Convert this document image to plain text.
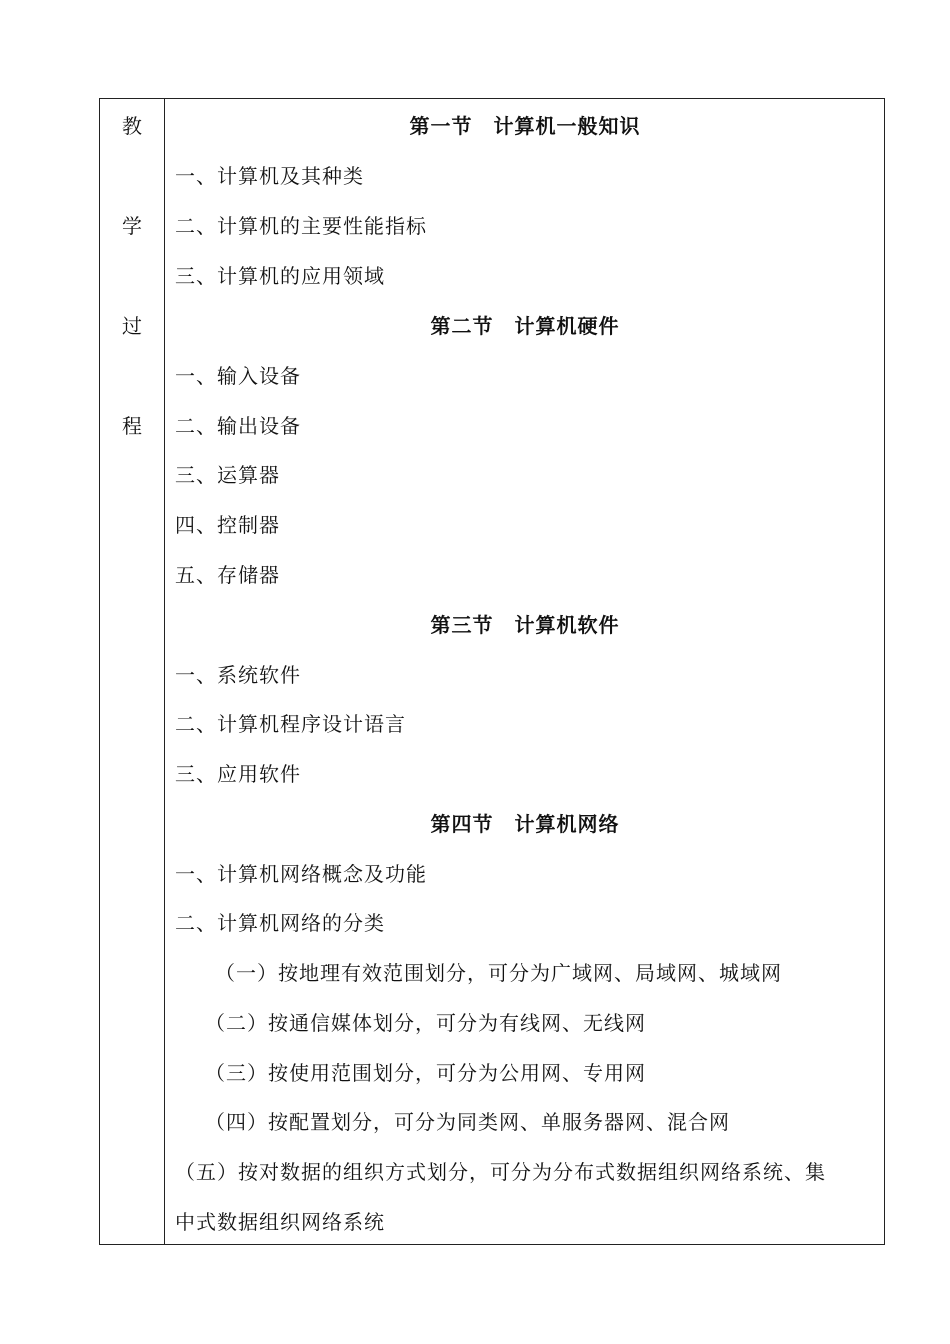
教
学
过
程
第一节　计算机一般知识
一、计算机及其种类
二、计算机的主要性能指标
三、计算机的应用领域
第二节　计算机硬件
一、输入设备
二、输出设备
三、运算器
四、控制器
五、存储器
第三节　计算机软件
一、系统软件
二、计算机程序设计语言
三、应用软件
第四节　计算机网络
一、计算机网络概念及功能
二、计算机网络的分类
（一）按地理有效范围划分，可分为广域网、局域网、城域网
（二）按通信媒体划分，可分为有线网、无线网
（三）按使用范围划分，可分为公用网、专用网
（四）按配置划分，可分为同类网、单服务器网、混合网
（五）按对数据的组织方式划分，可分为分布式数据组织网络系统、集
中式数据组织网络系统
